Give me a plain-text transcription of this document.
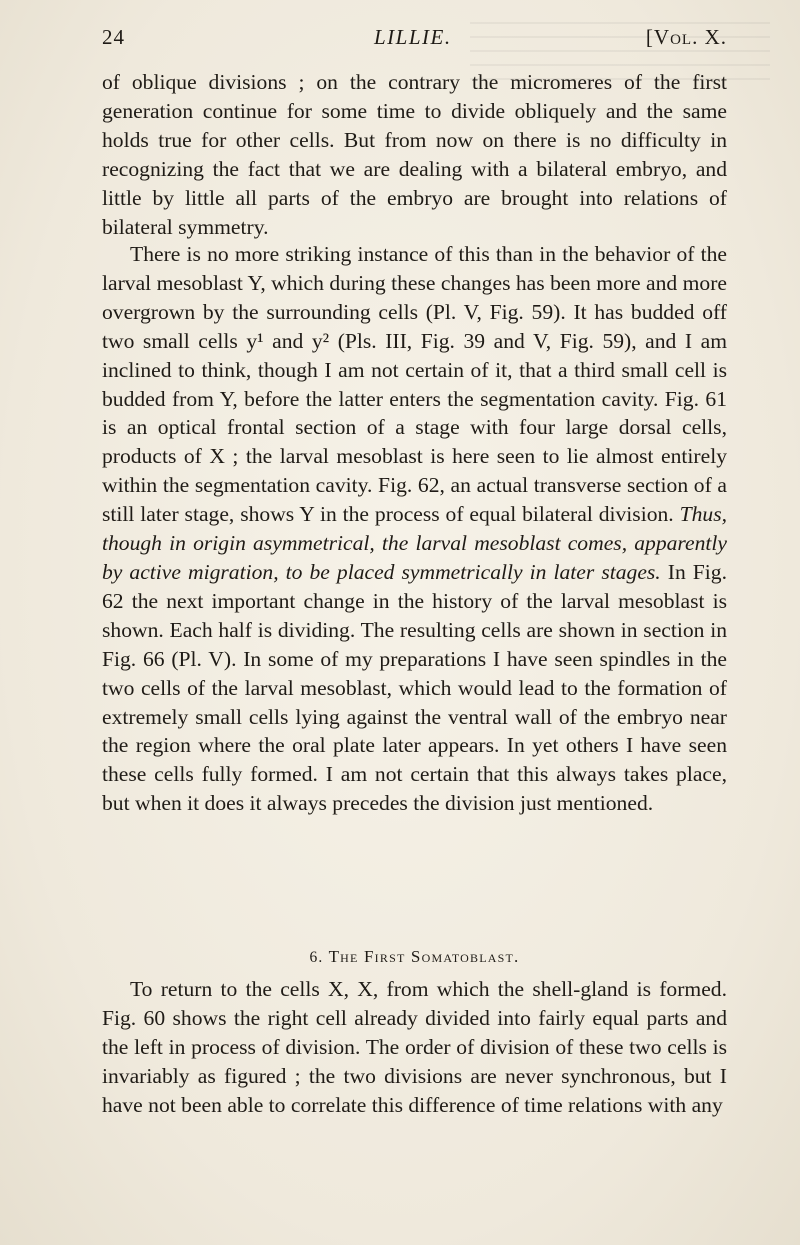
24	LILLIE.	[Vol. X.

of oblique divisions ; on the contrary the micromeres of the first generation continue for some time to divide obliquely and the same holds true for other cells. But from now on there is no difficulty in recognizing the fact that we are dealing with a bilateral embryo, and little by little all parts of the embryo are brought into relations of bilateral symmetry.

There is no more striking instance of this than in the behavior of the larval mesoblast Y, which during these changes has been more and more overgrown by the surrounding cells (Pl. V, Fig. 59). It has budded off two small cells y¹ and y² (Pls. III, Fig. 39 and V, Fig. 59), and I am inclined to think, though I am not certain of it, that a third small cell is budded from Y, before the latter enters the segmentation cavity. Fig. 61 is an optical frontal section of a stage with four large dorsal cells, products of X ; the larval mesoblast is here seen to lie almost entirely within the segmentation cavity. Fig. 62, an actual transverse section of a still later stage, shows Y in the process of equal bilateral division. Thus, though in origin asymmetrical, the larval mesoblast comes, apparently by active migration, to be placed symmetrically in later stages. In Fig. 62 the next important change in the history of the larval mesoblast is shown. Each half is dividing. The resulting cells are shown in section in Fig. 66 (Pl. V). In some of my preparations I have seen spindles in the two cells of the larval mesoblast, which would lead to the formation of extremely small cells lying against the ventral wall of the embryo near the region where the oral plate later appears. In yet others I have seen these cells fully formed. I am not certain that this always takes place, but when it does it always precedes the division just mentioned.

6. The First Somatoblast.

To return to the cells X, X, from which the shell-gland is formed. Fig. 60 shows the right cell already divided into fairly equal parts and the left in process of division. The order of division of these two cells is invariably as figured ; the two divisions are never synchronous, but I have not been able to correlate this difference of time relations with any
